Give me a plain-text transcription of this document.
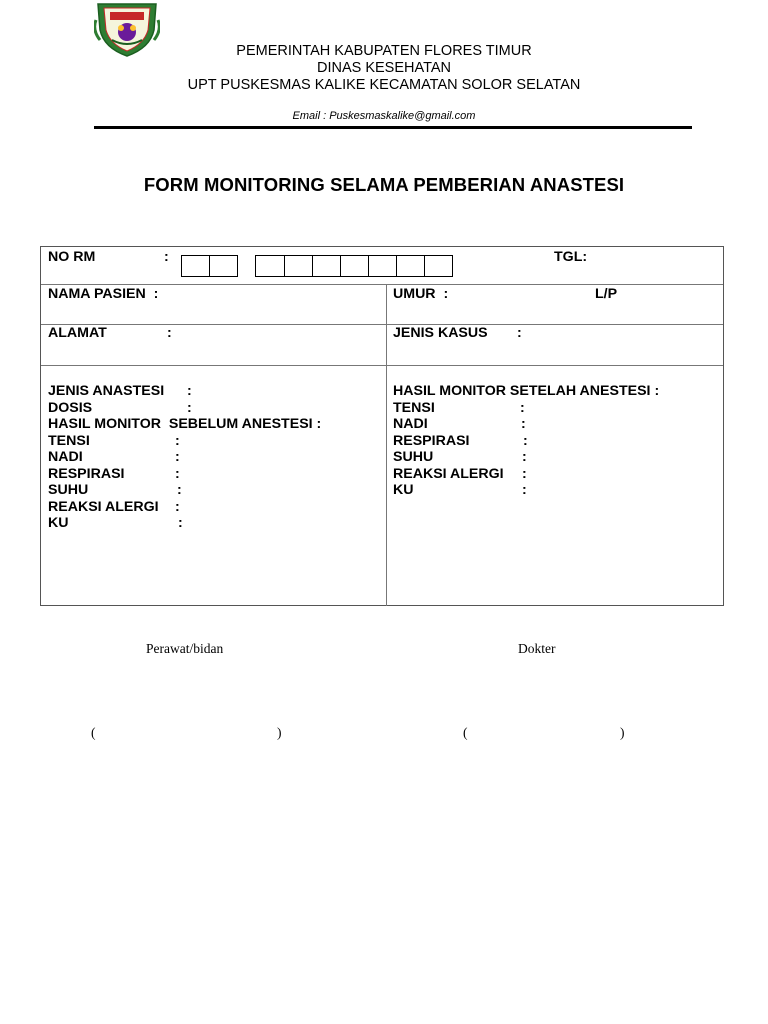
PEMERINTAH KABUPATEN FLORES TIMUR
DINAS KESEHATAN
UPT PUSKESMAS KALIKE KECAMATAN SOLOR SELATAN
Email : Puskesmaskalike@gmail.com
FORM MONITORING SELAMA PEMBERIAN ANASTESI
NO RM	:	TGL:
NAMA PASIEN  :	UMUR  :	L/P
ALAMAT	:	JENIS KASUS :
JENIS ANASTESI :
DOSIS	:
HASIL MONITOR  SEBELUM ANESTESI :
TENSI	:
NADI	:
RESPIRASI	:
SUHU	:
REAKSI ALERGI :
KU	:
HASIL MONITOR SETELAH ANESTESI :
TENSI	:
NADI	:
RESPIRASI	:
SUHU	:
REAKSI ALERGI :
KU	:
Perawat/bidan	Dokter
(	)	(	)
